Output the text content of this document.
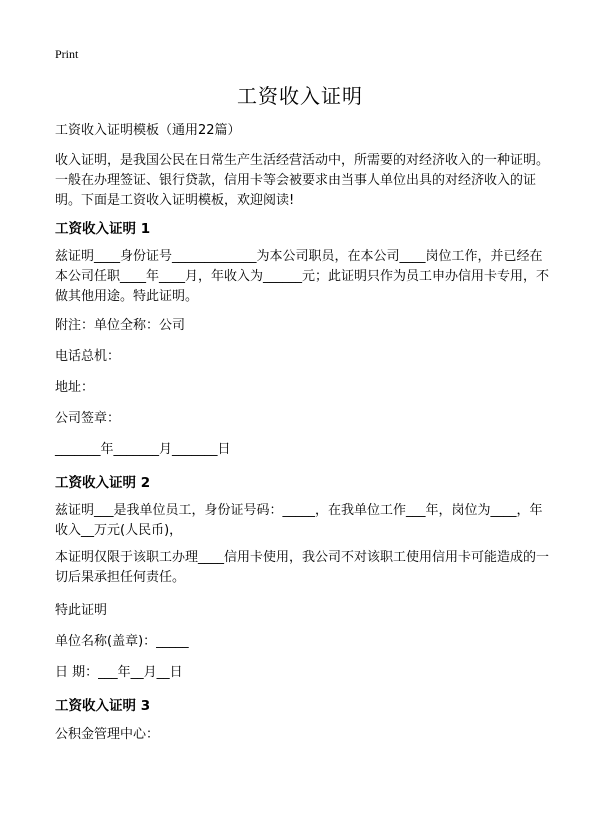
Print
工资收入证明

工资收入证明模板（通用22篇）

收入证明，是我国公民在日常生产生活经营活动中，所需要的对经济收入的一种证明。一般在办理签证、银行贷款，信用卡等会被要求由当事人单位出具的对经济收入的证明。下面是工资收入证明模板，欢迎阅读!

工资收入证明 1

兹证明____身份证号_____________为本公司职员，在本公司____岗位工作，并已经在本公司任职____年____月，年收入为______元；此证明只作为员工申办信用卡专用，不做其他用途。特此证明。

附注：单位全称：公司

电话总机：

地址：

公司签章：

_______年_______月_______日

工资收入证明 2

兹证明___是我单位员工，身份证号码：_____，在我单位工作___年，岗位为____，年收入__万元(人民币)，

本证明仅限于该职工办理____信用卡使用，我公司不对该职工使用信用卡可能造成的一切后果承担任何责任。

特此证明

单位名称(盖章)：_____

日 期：___年__月__日

工资收入证明 3

公积金管理中心：
